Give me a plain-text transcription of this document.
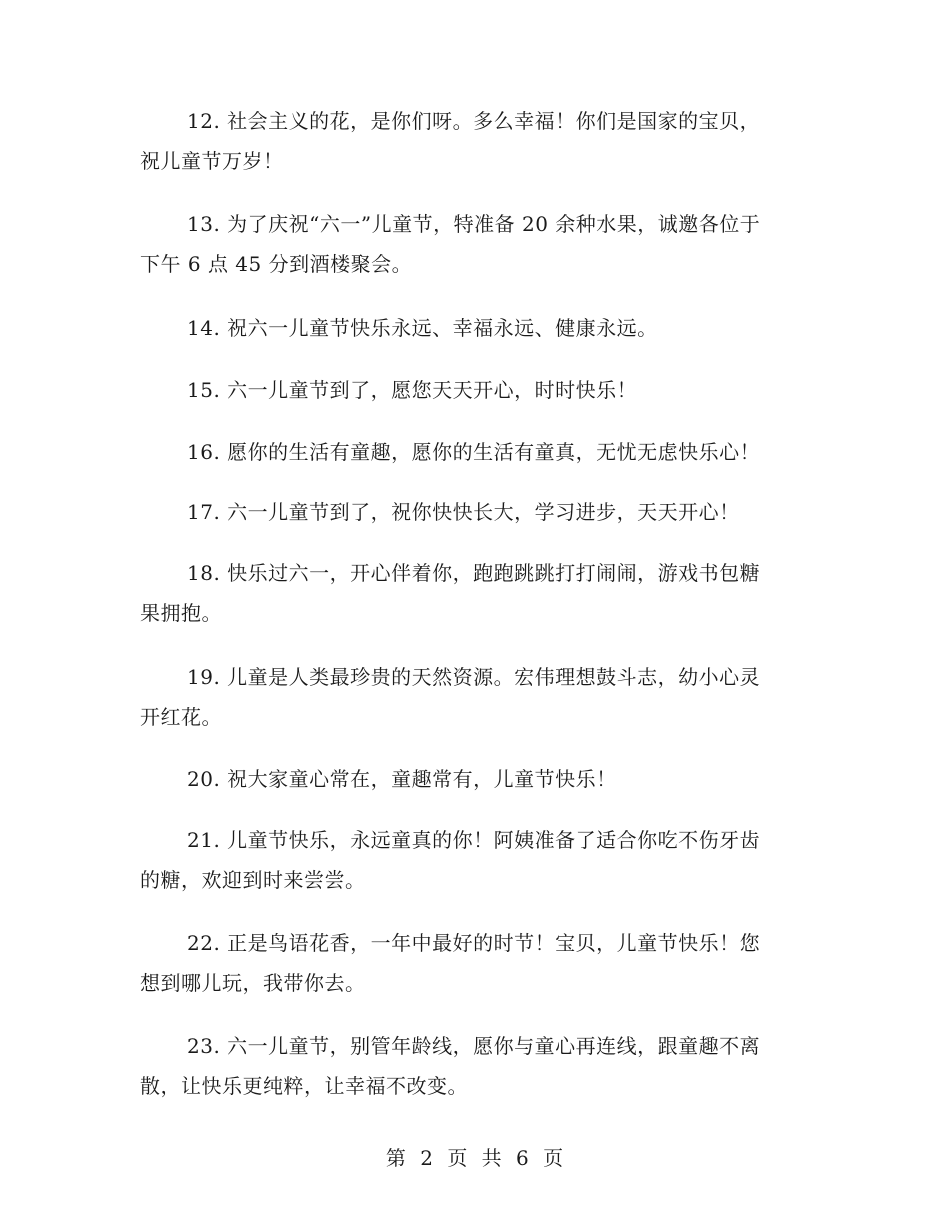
12. 社会主义的花，是你们呀。多么幸福！你们是国家的宝贝，
祝儿童节万岁！
13. 为了庆祝“六一”儿童节，特准备 20 余种水果，诚邀各位于
下午 6 点 45 分到酒楼聚会。
14. 祝六一儿童节快乐永远、幸福永远、健康永远。
15. 六一儿童节到了，愿您天天开心，时时快乐！
16. 愿你的生活有童趣，愿你的生活有童真，无忧无虑快乐心！
17. 六一儿童节到了，祝你快快长大，学习进步，天天开心！
18. 快乐过六一，开心伴着你，跑跑跳跳打打闹闹，游戏书包糖
果拥抱。
19. 儿童是人类最珍贵的天然资源。宏伟理想鼓斗志，幼小心灵
开红花。
20. 祝大家童心常在，童趣常有，儿童节快乐！
21. 儿童节快乐，永远童真的你！阿姨准备了适合你吃不伤牙齿
的糖，欢迎到时来尝尝。
22. 正是鸟语花香，一年中最好的时节！宝贝，儿童节快乐！您
想到哪儿玩，我带你去。
23. 六一儿童节，别管年龄线，愿你与童心再连线，跟童趣不离
散，让快乐更纯粹，让幸福不改变。
第 2 页 共 6 页
